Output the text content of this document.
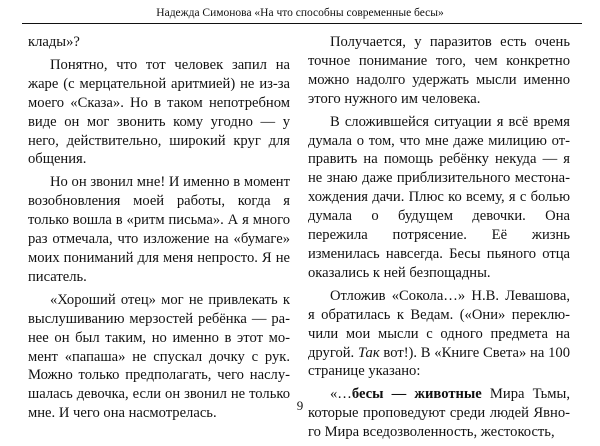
Надежда Симонова «На что способны современные бесы»

клады»?

Понятно, что тот человек запил на жаре (с мерцательной аритмией) не из-за моего «Сказа». Но в таком непотребном виде он мог звонить кому угодно — у него, действительно, широкий круг для общения.

Но он звонил мне! И именно в момент возобновления моей работы, когда я только вошла в «ритм письма». А я много раз отмечала, что изложение на «бумаге» моих пониманий для меня непросто. Я не писатель.

«Хороший отец» мог не привлекать к выслушиванию мерзостей ребёнка — ранее он был таким, но именно в этот момент «папаша» не спускал дочку с рук. Можно только предполагать, чего наслушалась девочка, если он звонил не только мне. И чего она насмотрелась.

Получается, у паразитов есть очень точное понимание того, чем конкретно можно надолго удержать мысли именно этого нужного им человека.

В сложившейся ситуации я всё время думала о том, что мне даже милицию отправить на помощь ребёнку некуда — я не знаю даже приблизительного местонахождения дачи. Плюс ко всему, я с болью думала о будущем девочки. Она пережила потрясение. Её жизнь изменилась навсегда. Бесы пьяного отца оказались к ней безпощадны.

Отложив «Сокола…» Н.В. Левашова, я обратилась к Ведам. («Они» переключили мои мысли с одного предмета на другой. Так вот!). В «Книге Света» на 100 странице указано:

«…бесы — животные Мира Тьмы, которые проповедуют среди людей Явного Мира вседозволенность, жестокость,

9
